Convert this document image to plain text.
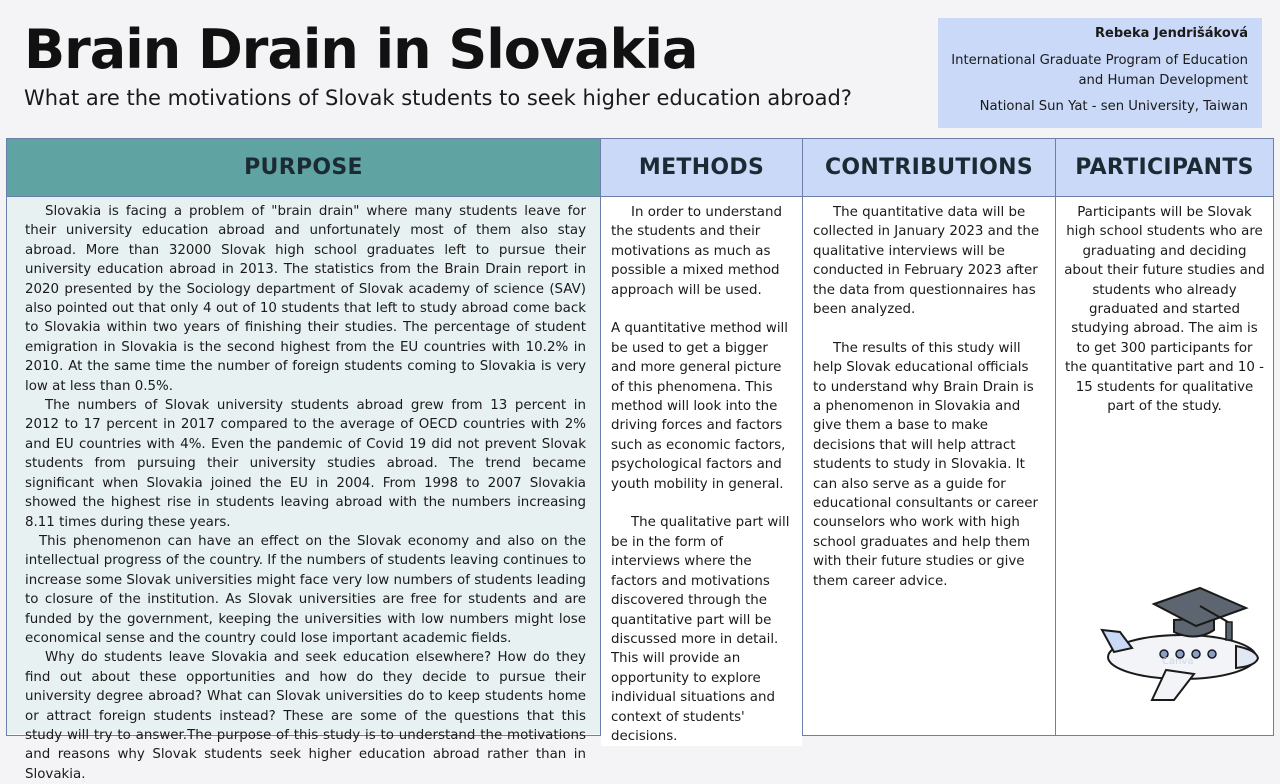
Brain Drain in Slovakia
What are the motivations of Slovak students to seek higher education abroad?
Rebeka Jendrišáková
International Graduate Program of Education
and Human Development
National Sun Yat - sen University, Taiwan
PURPOSE

Slovakia is facing a problem of "brain drain" where many students leave for their university education abroad and unfortunately most of them also stay abroad. More than 32000 Slovak high school graduates left to pursue their university education abroad in 2013. The statistics from the Brain Drain report in 2020 presented by the Sociology department of Slovak academy of science (SAV) also pointed out that only 4 out of 10 students that left to study abroad come back to Slovakia within two years of finishing their studies. The percentage of student emigration in Slovakia is the second highest from the EU countries with 10.2% in 2010. At the same time the number of foreign students coming to Slovakia is very low at less than 0.5%.

The numbers of Slovak university students abroad grew from 13 percent in 2012 to 17 percent in 2017 compared to the average of OECD countries with 2% and EU countries with 4%. Even the pandemic of Covid 19 did not prevent Slovak students from pursuing their university studies abroad. The trend became significant when Slovakia joined the EU in 2004. From 1998 to 2007 Slovakia showed the highest rise in students leaving abroad with the numbers increasing 8.11 times during these years.

This phenomenon can have an effect on the Slovak economy and also on the intellectual progress of the country. If the numbers of students leaving continues to increase some Slovak universities might face very low numbers of students leading to closure of the institution. As Slovak universities are free for students and are funded by the government, keeping the universities with low numbers might lose economical sense and the country could lose important academic fields.

Why do students leave Slovakia and seek education elsewhere? How do they find out about these opportunities and how do they decide to pursue their university degree abroad? What can Slovak universities do to keep students home or attract foreign students instead? These are some of the questions that this study will try to answer.The purpose of this study is to understand the motivations and reasons why Slovak students seek higher education abroad rather than in Slovakia.

METHODS

In order to understand the students and their motivations as much as possible a mixed method approach will be used.

A quantitative method will be used to get a bigger and more general picture of this phenomena. This method will look into the driving forces and factors such as economic factors, psychological factors and youth mobility in general.

The qualitative part will be in the form of interviews where the factors and motivations discovered through the quantitative part will be discussed more in detail. This will provide an opportunity to explore individual situations and context of students' decisions.

CONTRIBUTIONS

The quantitative data will be collected in January 2023 and the qualitative interviews will be conducted in February 2023 after the data from questionnaires has been analyzed.

The results of this study will help Slovak educational officials to understand why Brain Drain is a phenomenon in Slovakia and give them a base to make decisions that will help attract students to study in Slovakia. It can also serve as a guide for educational consultants or career counselors who work with high school graduates and help them with their future studies or give them career advice.

PARTICIPANTS

Participants will be Slovak high school students who are graduating and deciding about their future studies and students who already graduated and started studying abroad. The aim is to get 300 participants for the quantitative part and 10 - 15 students for qualitative part of the study.

Canva
